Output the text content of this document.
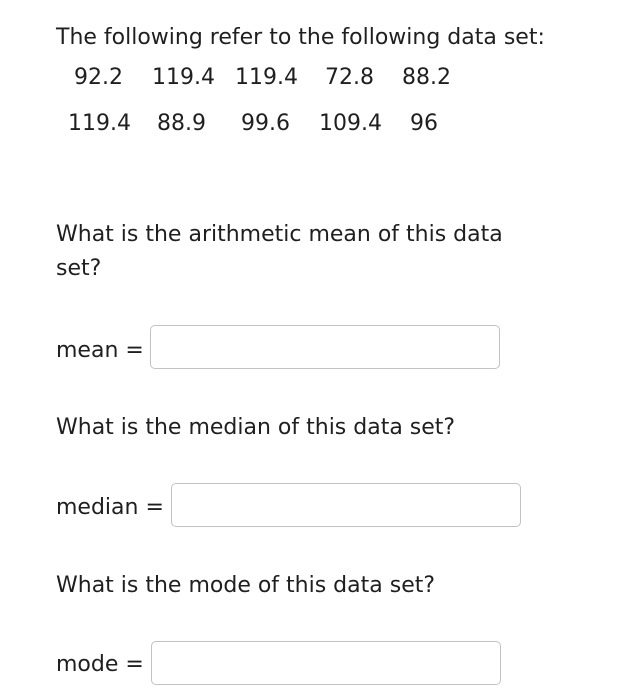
The following refer to the following data set:
92.2 119.4 119.4 72.8 88.2
119.4 88.9 99.6 109.4 96
What is the arithmetic mean of this data set?
mean =
What is the median of this data set?
median =
What is the mode of this data set?
mode =
